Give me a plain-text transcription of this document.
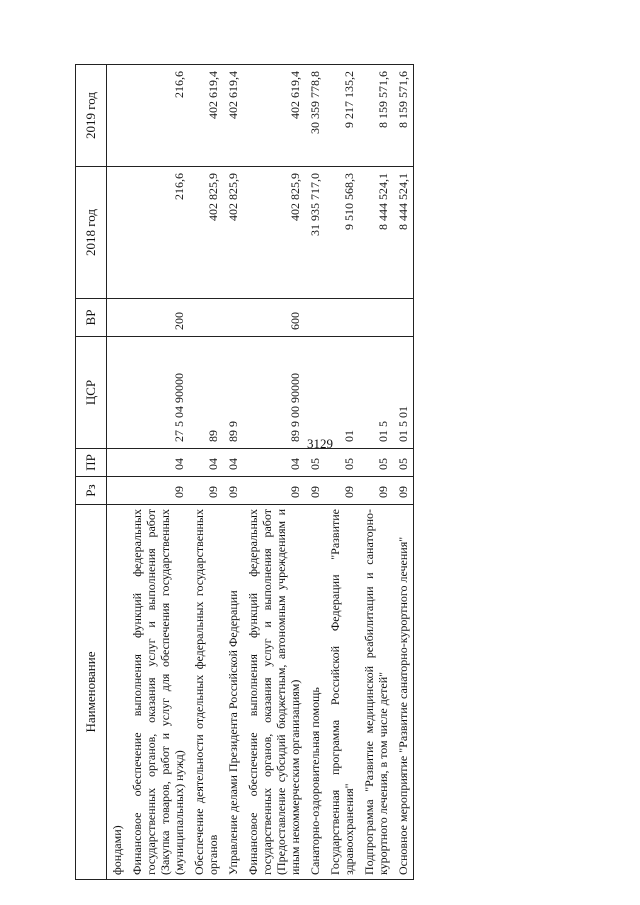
3129
Наименование	Рз	ПР	ЦСР	ВР	2018 год	2019 год
фондами)						
Финансовое обеспечение выполнения функций федеральных государственных органов, оказания услуг и выполнения работ (Закупка товаров, работ и услуг для обеспечения государственных (муниципальных) нужд)	09	04	27 5 04 90000	200	216,6	216,6
Обеспечение деятельности отдельных федеральных государственных органов	09	04	89		402 825,9	402 619,4
Управление делами Президента Российской Федерации	09	04	89 9		402 825,9	402 619,4
Финансовое обеспечение выполнения функций федеральных государственных органов, оказания услуг и выполнения работ (Предоставление субсидий бюджетным, автономным учреждениям и иным некоммерческим организациям)	09	04	89 9 00 90000	600	402 825,9	402 619,4
Санаторно-оздоровительная помощь	09	05			31 935 717,0	30 359 778,8
Государственная программа Российской Федерации "Развитие здравоохранения"	09	05	01		9 510 568,3	9 217 135,2
Подпрограмма "Развитие медицинской реабилитации и санаторно-курортного лечения, в том числе детей"	09	05	01 5		8 444 524,1	8 159 571,6
Основное мероприятие "Развитие санаторно-курортного лечения"	09	05	01 5 01		8 444 524,1	8 159 571,6
